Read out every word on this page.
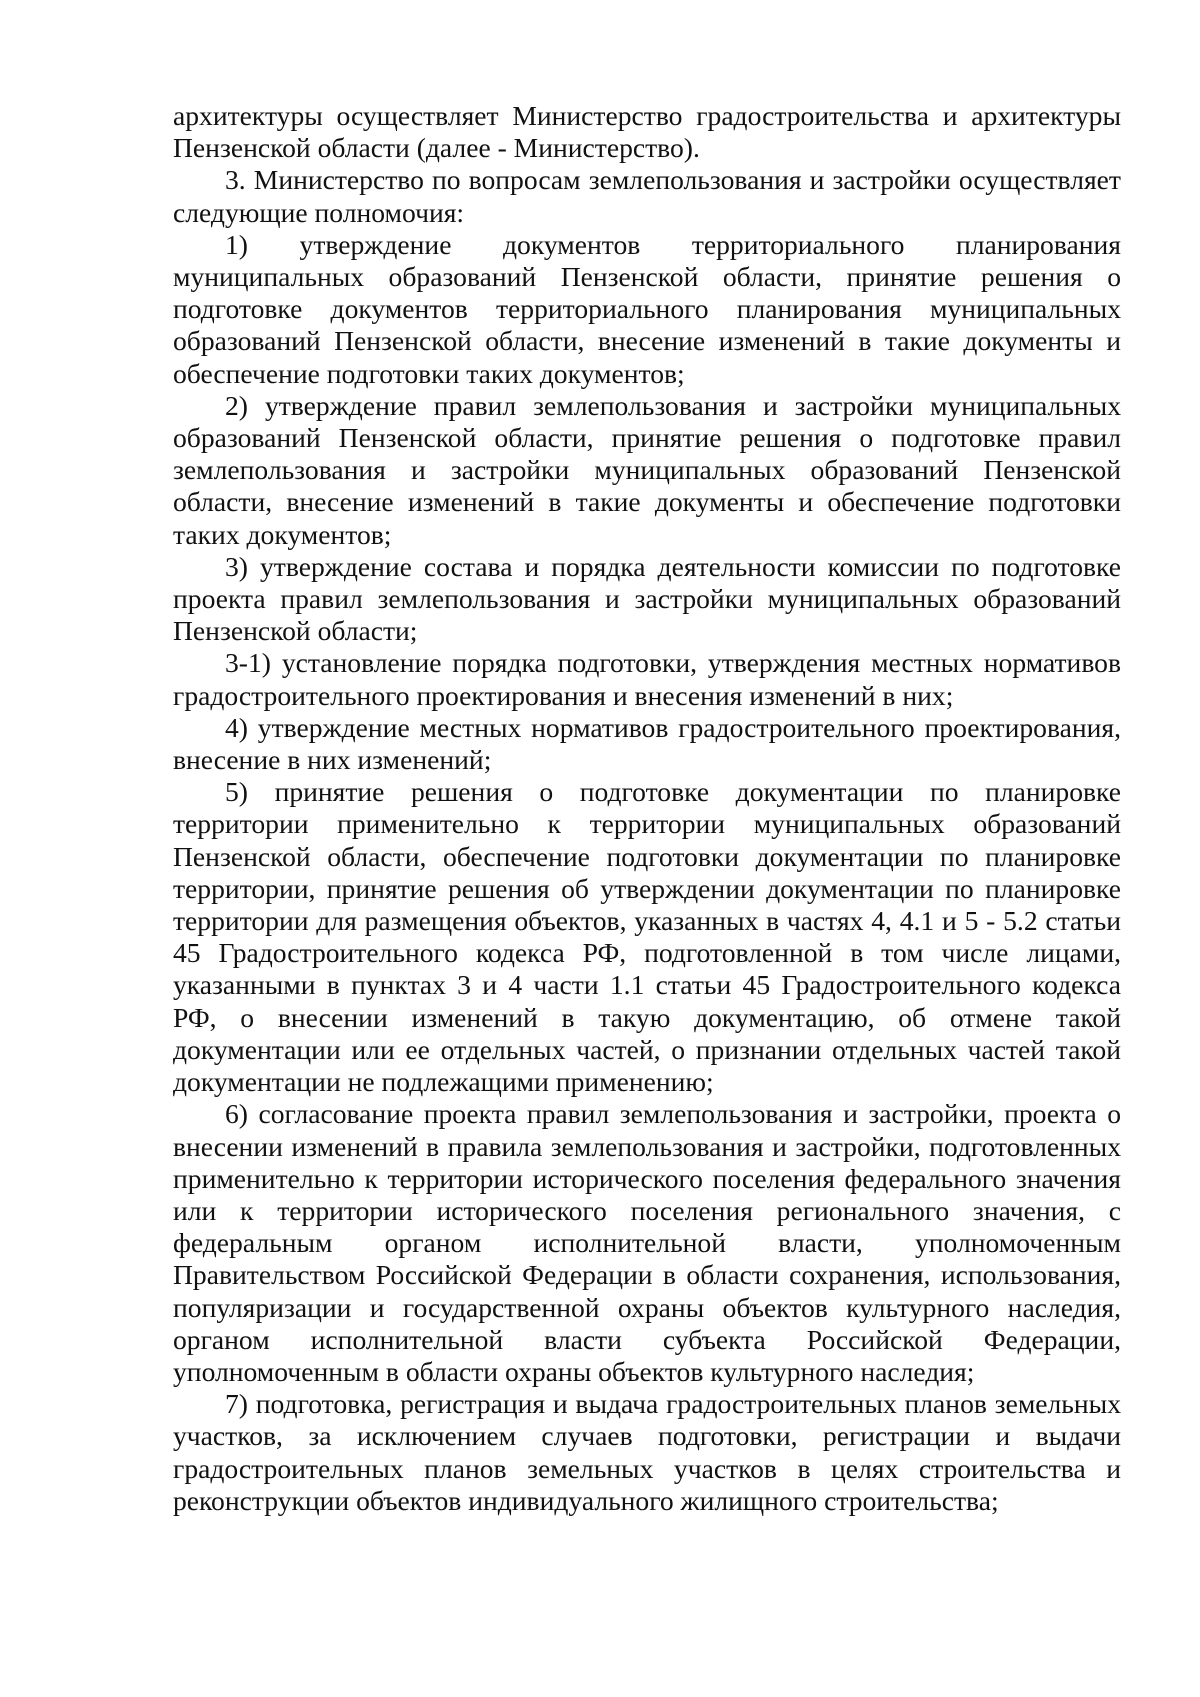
архитектуры осуществляет Министерство градостроительства и архитектуры Пензенской области (далее - Министерство).

3. Министерство по вопросам землепользования и застройки осуществляет следующие полномочия:

1) утверждение документов территориального планирования муниципальных образований Пензенской области, принятие решения о подготовке документов территориального планирования муниципальных образований Пензенской области, внесение изменений в такие документы и обеспечение подготовки таких документов;

2) утверждение правил землепользования и застройки муниципальных образований Пензенской области, принятие решения о подготовке правил землепользования и застройки муниципальных образований Пензенской области, внесение изменений в такие документы и обеспечение подготовки таких документов;

3) утверждение состава и порядка деятельности комиссии по подготовке проекта правил землепользования и застройки муниципальных образований Пензенской области;

3-1) установление порядка подготовки, утверждения местных нормативов градостроительного проектирования и внесения изменений в них;

4) утверждение местных нормативов градостроительного проектирования, внесение в них изменений;

5) принятие решения о подготовке документации по планировке территории применительно к территории муниципальных образований Пензенской области, обеспечение подготовки документации по планировке территории, принятие решения об утверждении документации по планировке территории для размещения объектов, указанных в частях 4, 4.1 и 5 - 5.2 статьи 45 Градостроительного кодекса РФ, подготовленной в том числе лицами, указанными в пунктах 3 и 4 части 1.1 статьи 45 Градостроительного кодекса РФ, о внесении изменений в такую документацию, об отмене такой документации или ее отдельных частей, о признании отдельных частей такой документации не подлежащими применению;

6) согласование проекта правил землепользования и застройки, проекта о внесении изменений в правила землепользования и застройки, подготовленных применительно к территории исторического поселения федерального значения или к территории исторического поселения регионального значения, с федеральным органом исполнительной власти, уполномоченным Правительством Российской Федерации в области сохранения, использования, популяризации и государственной охраны объектов культурного наследия, органом исполнительной власти субъекта Российской Федерации, уполномоченным в области охраны объектов культурного наследия;

7) подготовка, регистрация и выдача градостроительных планов земельных участков, за исключением случаев подготовки, регистрации и выдачи градостроительных планов земельных участков в целях строительства и реконструкции объектов индивидуального жилищного строительства;
